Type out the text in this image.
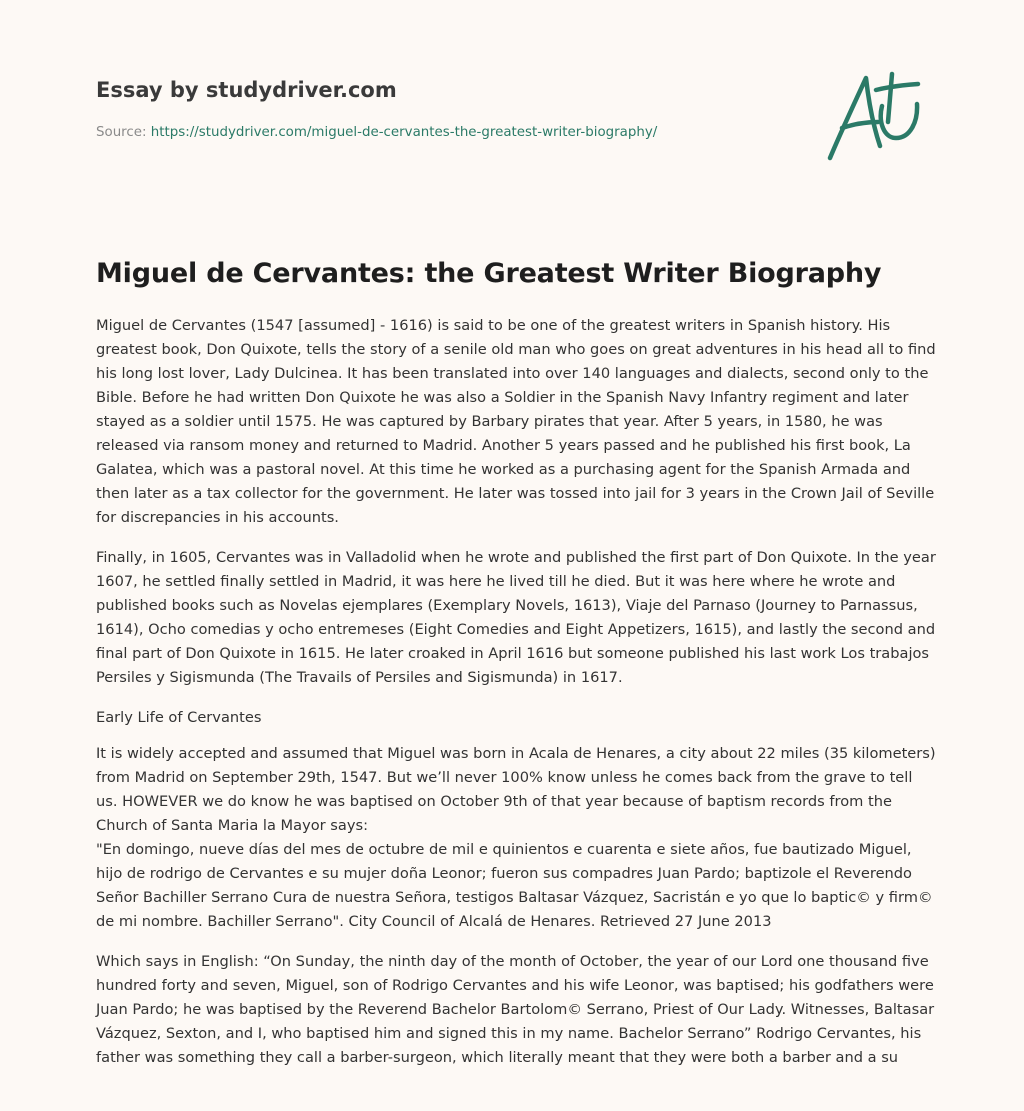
Essay by studydriver.com
Source: https://studydriver.com/miguel-de-cervantes-the-greatest-writer-biography/
Miguel de Cervantes: the Greatest Writer Biography

Miguel de Cervantes (1547 [assumed] - 1616) is said to be one of the greatest writers in Spanish history. His greatest book, Don Quixote, tells the story of a senile old man who goes on great adventures in his head all to find his long lost lover, Lady Dulcinea. It has been translated into over 140 languages and dialects, second only to the Bible. Before he had written Don Quixote he was also a Soldier in the Spanish Navy Infantry regiment and later stayed as a soldier until 1575. He was captured by Barbary pirates that year. After 5 years, in 1580, he was released via ransom money and returned to Madrid. Another 5 years passed and he published his first book, La Galatea, which was a pastoral novel. At this time he worked as a purchasing agent for the Spanish Armada and then later as a tax collector for the government. He later was tossed into jail for 3 years in the Crown Jail of Seville for discrepancies in his accounts.

Finally, in 1605, Cervantes was in Valladolid when he wrote and published the first part of Don Quixote. In the year 1607, he settled finally settled in Madrid, it was here he lived till he died. But it was here where he wrote and published books such as Novelas ejemplares (Exemplary Novels, 1613), Viaje del Parnaso (Journey to Parnassus, 1614), Ocho comedias y ocho entremeses (Eight Comedies and Eight Appetizers, 1615), and lastly the second and final part of Don Quixote in 1615. He later croaked in April 1616 but someone published his last work Los trabajos Persiles y Sigismunda (The Travails of Persiles and Sigismunda) in 1617.

Early Life of Cervantes

It is widely accepted and assumed that Miguel was born in Acala de Henares, a city about 22 miles (35 kilometers) from Madrid on September 29th, 1547. But we’ll never 100% know unless he comes back from the grave to tell us. HOWEVER we do know he was baptised on October 9th of that year because of baptism records from the Church of Santa Maria la Mayor says:

"En domingo, nueve días del mes de octubre de mil e quinientos e cuarenta e siete años, fue bautizado Miguel, hijo de rodrigo de Cervantes e su mujer doña Leonor; fueron sus compadres Juan Pardo; baptizole el Reverendo Señor Bachiller Serrano Cura de nuestra Señora, testigos Baltasar Vázquez, Sacristán e yo que lo baptic© y firm© de mi nombre. Bachiller Serrano". City Council of Alcalá de Henares. Retrieved 27 June 2013

Which says in English: “On Sunday, the ninth day of the month of October, the year of our Lord one thousand five hundred forty and seven, Miguel, son of Rodrigo Cervantes and his wife Leonor, was baptised; his godfathers were Juan Pardo; he was baptised by the Reverend Bachelor Bartolom© Serrano, Priest of Our Lady. Witnesses, Baltasar Vázquez, Sexton, and I, who baptised him and signed this in my name. Bachelor Serrano” Rodrigo Cervantes, his father was something they call a barber-surgeon, which literally meant that they were both a barber and a su
